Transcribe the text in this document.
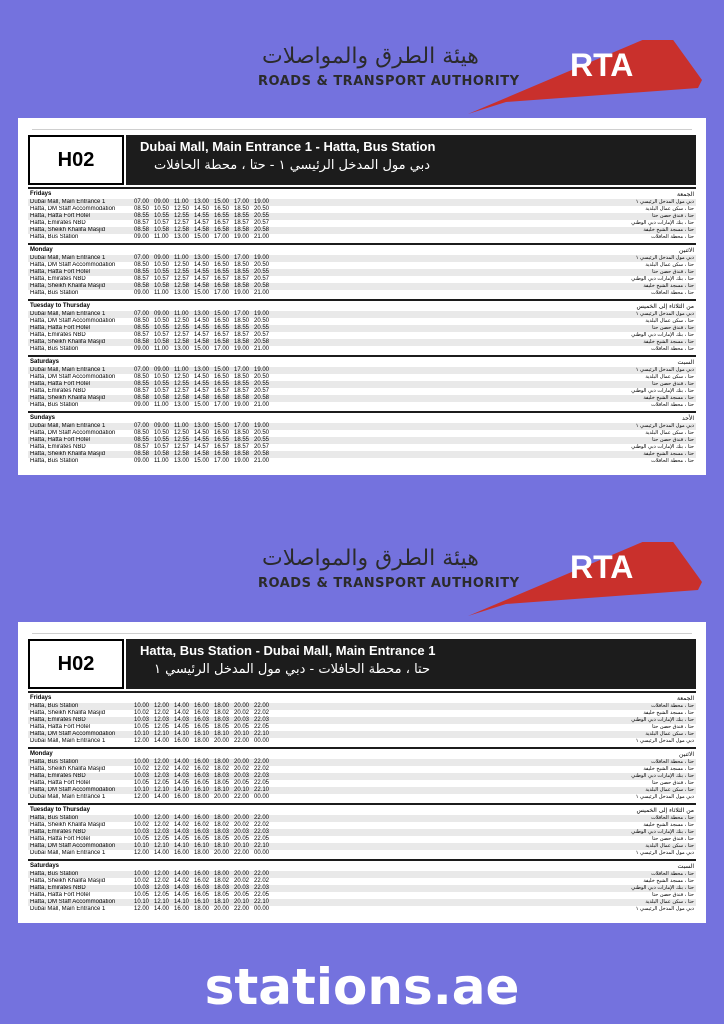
هيئة الطرق والمواصلات
ROADS & TRANSPORT AUTHORITY RTA
H02
Dubai Mall, Main Entrance 1 - Hatta, Bus Station
دبي مول المدخل الرئيسي ١ - حتا ، محطة الحافلات
Fridays	الجمعة
Dubai Mall, Main Entrance 1	07.00 09.00 11.00 13.00 15.00 17.00 19.00	دبي مول المدخل الرئيسي ١
Hatta, DM Staff Accommodation	08.50 10.50 12.50 14.50 16.50 18.50 20.50	حتا ، سكن عمال البلدية
Hatta, Hatta Fort Hotel	08.55 10.55 12.55 14.55 16.55 18.55 20.55	حتا ، فندق حصن حتا
Hatta, Emirates NBD	08.57 10.57 12.57 14.57 16.57 18.57 20.57	حتا ، بنك الإمارات دبي الوطني
Hatta, Sheikh Khalifa Masjid	08.58 10.58 12.58 14.58 16.58 18.58 20.58	حتا ، مسجد الشيخ خليفة
Hatta, Bus Station	09.00 11.00 13.00 15.00 17.00 19.00 21.00	حتا ، محطة الحافلات
Monday	الاثنين
Dubai Mall, Main Entrance 1	07.00 09.00 11.00 13.00 15.00 17.00 19.00	دبي مول المدخل الرئيسي ١
Hatta, DM Staff Accommodation	08.50 10.50 12.50 14.50 16.50 18.50 20.50	حتا ، سكن عمال البلدية
Hatta, Hatta Fort Hotel	08.55 10.55 12.55 14.55 16.55 18.55 20.55	حتا ، فندق حصن حتا
Hatta, Emirates NBD	08.57 10.57 12.57 14.57 16.57 18.57 20.57	حتا ، بنك الإمارات دبي الوطني
Hatta, Sheikh Khalifa Masjid	08.58 10.58 12.58 14.58 16.58 18.58 20.58	حتا ، مسجد الشيخ خليفة
Hatta, Bus Station	09.00 11.00 13.00 15.00 17.00 19.00 21.00	حتا ، محطة الحافلات
Tuesday to Thursday	من الثلاثاء إلى الخميس
Dubai Mall, Main Entrance 1	07.00 09.00 11.00 13.00 15.00 17.00 19.00	دبي مول المدخل الرئيسي ١
Hatta, DM Staff Accommodation	08.50 10.50 12.50 14.50 16.50 18.50 20.50	حتا ، سكن عمال البلدية
Hatta, Hatta Fort Hotel	08.55 10.55 12.55 14.55 16.55 18.55 20.55	حتا ، فندق حصن حتا
Hatta, Emirates NBD	08.57 10.57 12.57 14.57 16.57 18.57 20.57	حتا ، بنك الإمارات دبي الوطني
Hatta, Sheikh Khalifa Masjid	08.58 10.58 12.58 14.58 16.58 18.58 20.58	حتا ، مسجد الشيخ خليفة
Hatta, Bus Station	09.00 11.00 13.00 15.00 17.00 19.00 21.00	حتا ، محطة الحافلات
Saturdays	السبت
Dubai Mall, Main Entrance 1	07.00 09.00 11.00 13.00 15.00 17.00 19.00	دبي مول المدخل الرئيسي ١
Hatta, DM Staff Accommodation	08.50 10.50 12.50 14.50 16.50 18.50 20.50	حتا ، سكن عمال البلدية
Hatta, Hatta Fort Hotel	08.55 10.55 12.55 14.55 16.55 18.55 20.55	حتا ، فندق حصن حتا
Hatta, Emirates NBD	08.57 10.57 12.57 14.57 16.57 18.57 20.57	حتا ، بنك الإمارات دبي الوطني
Hatta, Sheikh Khalifa Masjid	08.58 10.58 12.58 14.58 16.58 18.58 20.58	حتا ، مسجد الشيخ خليفة
Hatta, Bus Station	09.00 11.00 13.00 15.00 17.00 19.00 21.00	حتا ، محطة الحافلات
Sundays	الأحد
Dubai Mall, Main Entrance 1	07.00 09.00 11.00 13.00 15.00 17.00 19.00	دبي مول المدخل الرئيسي ١
Hatta, DM Staff Accommodation	08.50 10.50 12.50 14.50 16.50 18.50 20.50	حتا ، سكن عمال البلدية
Hatta, Hatta Fort Hotel	08.55 10.55 12.55 14.55 16.55 18.55 20.55	حتا ، فندق حصن حتا
Hatta, Emirates NBD	08.57 10.57 12.57 14.57 16.57 18.57 20.57	حتا ، بنك الإمارات دبي الوطني
Hatta, Sheikh Khalifa Masjid	08.58 10.58 12.58 14.58 16.58 18.58 20.58	حتا ، مسجد الشيخ خليفة
Hatta, Bus Station	09.00 11.00 13.00 15.00 17.00 19.00 21.00	حتا ، محطة الحافلات
هيئة الطرق والمواصلات
ROADS & TRANSPORT AUTHORITY RTA
H02
Hatta, Bus Station - Dubai Mall, Main Entrance 1
حتا ، محطة الحافلات - دبي مول المدخل الرئيسي ١
Fridays	الجمعة
Hatta, Bus Station	10.00 12.00 14.00 16.00 18.00 20.00 22.00	حتا ، محطة الحافلات
Hatta, Sheikh Khalifa Masjid	10.02 12.02 14.02 16.02 18.02 20.02 22.02	حتا ، مسجد الشيخ خليفة
Hatta, Emirates NBD	10.03 12.03 14.03 16.03 18.03 20.03 22.03	حتا ، بنك الإمارات دبي الوطني
Hatta, Hatta Fort Hotel	10.05 12.05 14.05 16.05 18.05 20.05 22.05	حتا ، فندق حصن حتا
Hatta, DM Staff Accommodation	10.10 12.10 14.10 16.10 18.10 20.10 22.10	حتا ، سكن عمال البلدية
Dubai Mall, Main Entrance 1	12.00 14.00 16.00 18.00 20.00 22.00 00.00	دبي مول المدخل الرئيسي ١
Monday	الاثنين
Hatta, Bus Station	10.00 12.00 14.00 16.00 18.00 20.00 22.00	حتا ، محطة الحافلات
Hatta, Sheikh Khalifa Masjid	10.02 12.02 14.02 16.02 18.02 20.02 22.02	حتا ، مسجد الشيخ خليفة
Hatta, Emirates NBD	10.03 12.03 14.03 16.03 18.03 20.03 22.03	حتا ، بنك الإمارات دبي الوطني
Hatta, Hatta Fort Hotel	10.05 12.05 14.05 16.05 18.05 20.05 22.05	حتا ، فندق حصن حتا
Hatta, DM Staff Accommodation	10.10 12.10 14.10 16.10 18.10 20.10 22.10	حتا ، سكن عمال البلدية
Dubai Mall, Main Entrance 1	12.00 14.00 16.00 18.00 20.00 22.00 00.00	دبي مول المدخل الرئيسي ١
Tuesday to Thursday	من الثلاثاء إلى الخميس
Hatta, Bus Station	10.00 12.00 14.00 16.00 18.00 20.00 22.00	حتا ، محطة الحافلات
Hatta, Sheikh Khalifa Masjid	10.02 12.02 14.02 16.02 18.02 20.02 22.02	حتا ، مسجد الشيخ خليفة
Hatta, Emirates NBD	10.03 12.03 14.03 16.03 18.03 20.03 22.03	حتا ، بنك الإمارات دبي الوطني
Hatta, Hatta Fort Hotel	10.05 12.05 14.05 16.05 18.05 20.05 22.05	حتا ، فندق حصن حتا
Hatta, DM Staff Accommodation	10.10 12.10 14.10 16.10 18.10 20.10 22.10	حتا ، سكن عمال البلدية
Dubai Mall, Main Entrance 1	12.00 14.00 16.00 18.00 20.00 22.00 00.00	دبي مول المدخل الرئيسي ١
Saturdays	السبت
Hatta, Bus Station	10.00 12.00 14.00 16.00 18.00 20.00 22.00	حتا ، محطة الحافلات
Hatta, Sheikh Khalifa Masjid	10.02 12.02 14.02 16.02 18.02 20.02 22.02	حتا ، مسجد الشيخ خليفة
Hatta, Emirates NBD	10.03 12.03 14.03 16.03 18.03 20.03 22.03	حتا ، بنك الإمارات دبي الوطني
Hatta, Hatta Fort Hotel	10.05 12.05 14.05 16.05 18.05 20.05 22.05	حتا ، فندق حصن حتا
Hatta, DM Staff Accommodation	10.10 12.10 14.10 16.10 18.10 20.10 22.10	حتا ، سكن عمال البلدية
Dubai Mall, Main Entrance 1	12.00 14.00 16.00 18.00 20.00 22.00 00.00	دبي مول المدخل الرئيسي ١
stations.ae
